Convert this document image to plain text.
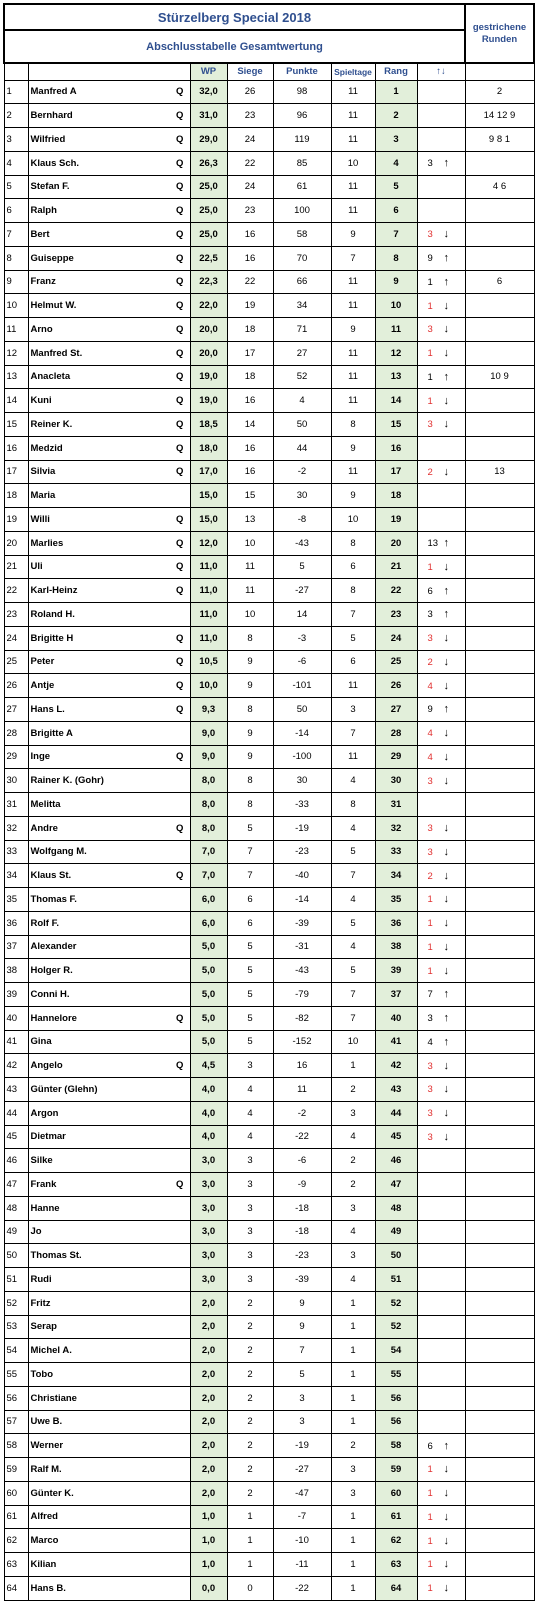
Stürzelberg Special 2018									gestrichene Runden
Abschlusstabelle Gesamtwertung									
			WP	Siege	Punkte	Spieltage	Rang	↑↓	
1	Manfred A	Q	32,0	26	98	11	1		2
2	Bernhard	Q	31,0	23	96	11	2		14 12 9
3	Wilfried	Q	29,0	24	119	11	3		9 8 1
4	Klaus Sch.	Q	26,3	22	85	10	4	3 ↑	
5	Stefan F.	Q	25,0	24	61	11	5		4 6
6	Ralph	Q	25,0	23	100	11	6		
7	Bert	Q	25,0	16	58	9	7	3 ↓	
8	Guiseppe	Q	22,5	16	70	7	8	9 ↑	
9	Franz	Q	22,3	22	66	11	9	1 ↑	6
10	Helmut W.	Q	22,0	19	34	11	10	1 ↓	
11	Arno	Q	20,0	18	71	9	11	3 ↓	
12	Manfred St.	Q	20,0	17	27	11	12	1 ↓	
13	Anacleta	Q	19,0	18	52	11	13	1 ↑	10 9
14	Kuni	Q	19,0	16	4	11	14	1 ↓	
15	Reiner K.	Q	18,5	14	50	8	15	3 ↓	
16	Medzid	Q	18,0	16	44	9	16		
17	Silvia	Q	17,0	16	-2	11	17	2 ↓	13
18	Maria		15,0	15	30	9	18		
19	Willi	Q	15,0	13	-8	10	19		
20	Marlies	Q	12,0	10	-43	8	20	13 ↑	
21	Uli	Q	11,0	11	5	6	21	1 ↓	
22	Karl-Heinz	Q	11,0	11	-27	8	22	6 ↑	
23	Roland H.		11,0	10	14	7	23	3 ↑	
24	Brigitte H	Q	11,0	8	-3	5	24	3 ↓	
25	Peter	Q	10,5	9	-6	6	25	2 ↓	
26	Antje	Q	10,0	9	-101	11	26	4 ↓	
27	Hans L.	Q	9,3	8	50	3	27	9 ↑	
28	Brigitte A		9,0	9	-14	7	28	4 ↓	
29	Inge	Q	9,0	9	-100	11	29	4 ↓	
30	Rainer K. (Gohr)		8,0	8	30	4	30	3 ↓	
31	Melitta		8,0	8	-33	8	31		
32	Andre	Q	8,0	5	-19	4	32	3 ↓	
33	Wolfgang M.		7,0	7	-23	5	33	3 ↓	
34	Klaus St.	Q	7,0	7	-40	7	34	2 ↓	
35	Thomas F.		6,0	6	-14	4	35	1 ↓	
36	Rolf F.		6,0	6	-39	5	36	1 ↓	
37	Alexander		5,0	5	-31	4	38	1 ↓	
38	Holger R.		5,0	5	-43	5	39	1 ↓	
39	Conni H.		5,0	5	-79	7	37	7 ↑	
40	Hannelore	Q	5,0	5	-82	7	40	3 ↑	
41	Gina		5,0	5	-152	10	41	4 ↑	
42	Angelo	Q	4,5	3	16	1	42	3 ↓	
43	Günter (Glehn)		4,0	4	11	2	43	3 ↓	
44	Argon		4,0	4	-2	3	44	3 ↓	
45	Dietmar		4,0	4	-22	4	45	3 ↓	
46	Silke		3,0	3	-6	2	46		
47	Frank	Q	3,0	3	-9	2	47		
48	Hanne		3,0	3	-18	3	48		
49	Jo		3,0	3	-18	4	49		
50	Thomas St.		3,0	3	-23	3	50		
51	Rudi		3,0	3	-39	4	51		
52	Fritz		2,0	2	9	1	52		
53	Serap		2,0	2	9	1	52		
54	Michel A.		2,0	2	7	1	54		
55	Tobo		2,0	2	5	1	55		
56	Christiane		2,0	2	3	1	56		
57	Uwe B.		2,0	2	3	1	56		
58	Werner		2,0	2	-19	2	58	6 ↑	
59	Ralf M.		2,0	2	-27	3	59	1 ↓	
60	Günter K.		2,0	2	-47	3	60	1 ↓	
61	Alfred		1,0	1	-7	1	61	1 ↓	
62	Marco		1,0	1	-10	1	62	1 ↓	
63	Kilian		1,0	1	-11	1	63	1 ↓	
64	Hans B.		0,0	0	-22	1	64	1 ↓	
